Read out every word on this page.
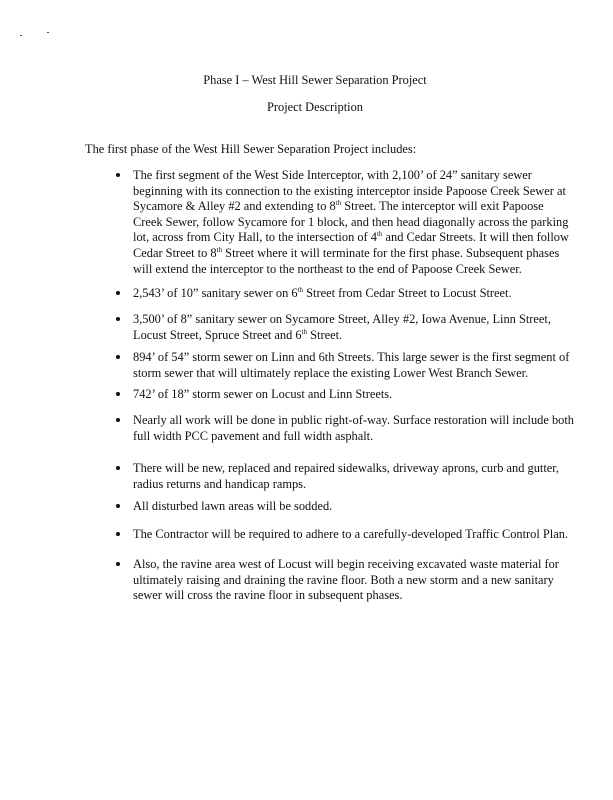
Phase I – West Hill Sewer Separation Project
Project Description
The first phase of the West Hill Sewer Separation Project includes:
The first segment of the West Side Interceptor, with 2,100’ of 24” sanitary sewer
beginning with its connection to the existing interceptor inside Papoose Creek Sewer at
Sycamore & Alley #2 and extending to 8th Street. The interceptor will exit Papoose
Creek Sewer, follow Sycamore for 1 block, and then head diagonally across the parking
lot, across from City Hall, to the intersection of 4th and Cedar Streets. It will then follow
Cedar Street to 8th Street where it will terminate for the first phase. Subsequent phases
will extend the interceptor to the northeast to the end of Papoose Creek Sewer.
2,543’ of 10” sanitary sewer on 6th Street from Cedar Street to Locust Street.
3,500’ of 8” sanitary sewer on Sycamore Street, Alley #2, Iowa Avenue, Linn Street,
Locust Street, Spruce Street and 6th Street.
894’ of 54” storm sewer on Linn and 6th Streets. This large sewer is the first segment of
storm sewer that will ultimately replace the existing Lower West Branch Sewer.
742’ of 18” storm sewer on Locust and Linn Streets.
Nearly all work will be done in public right-of-way. Surface restoration will include both
full width PCC pavement and full width asphalt.
There will be new, replaced and repaired sidewalks, driveway aprons, curb and gutter,
radius returns and handicap ramps.
All disturbed lawn areas will be sodded.
The Contractor will be required to adhere to a carefully-developed Traffic Control Plan.
Also, the ravine area west of Locust will begin receiving excavated waste material for
ultimately raising and draining the ravine floor. Both a new storm and a new sanitary
sewer will cross the ravine floor in subsequent phases.
